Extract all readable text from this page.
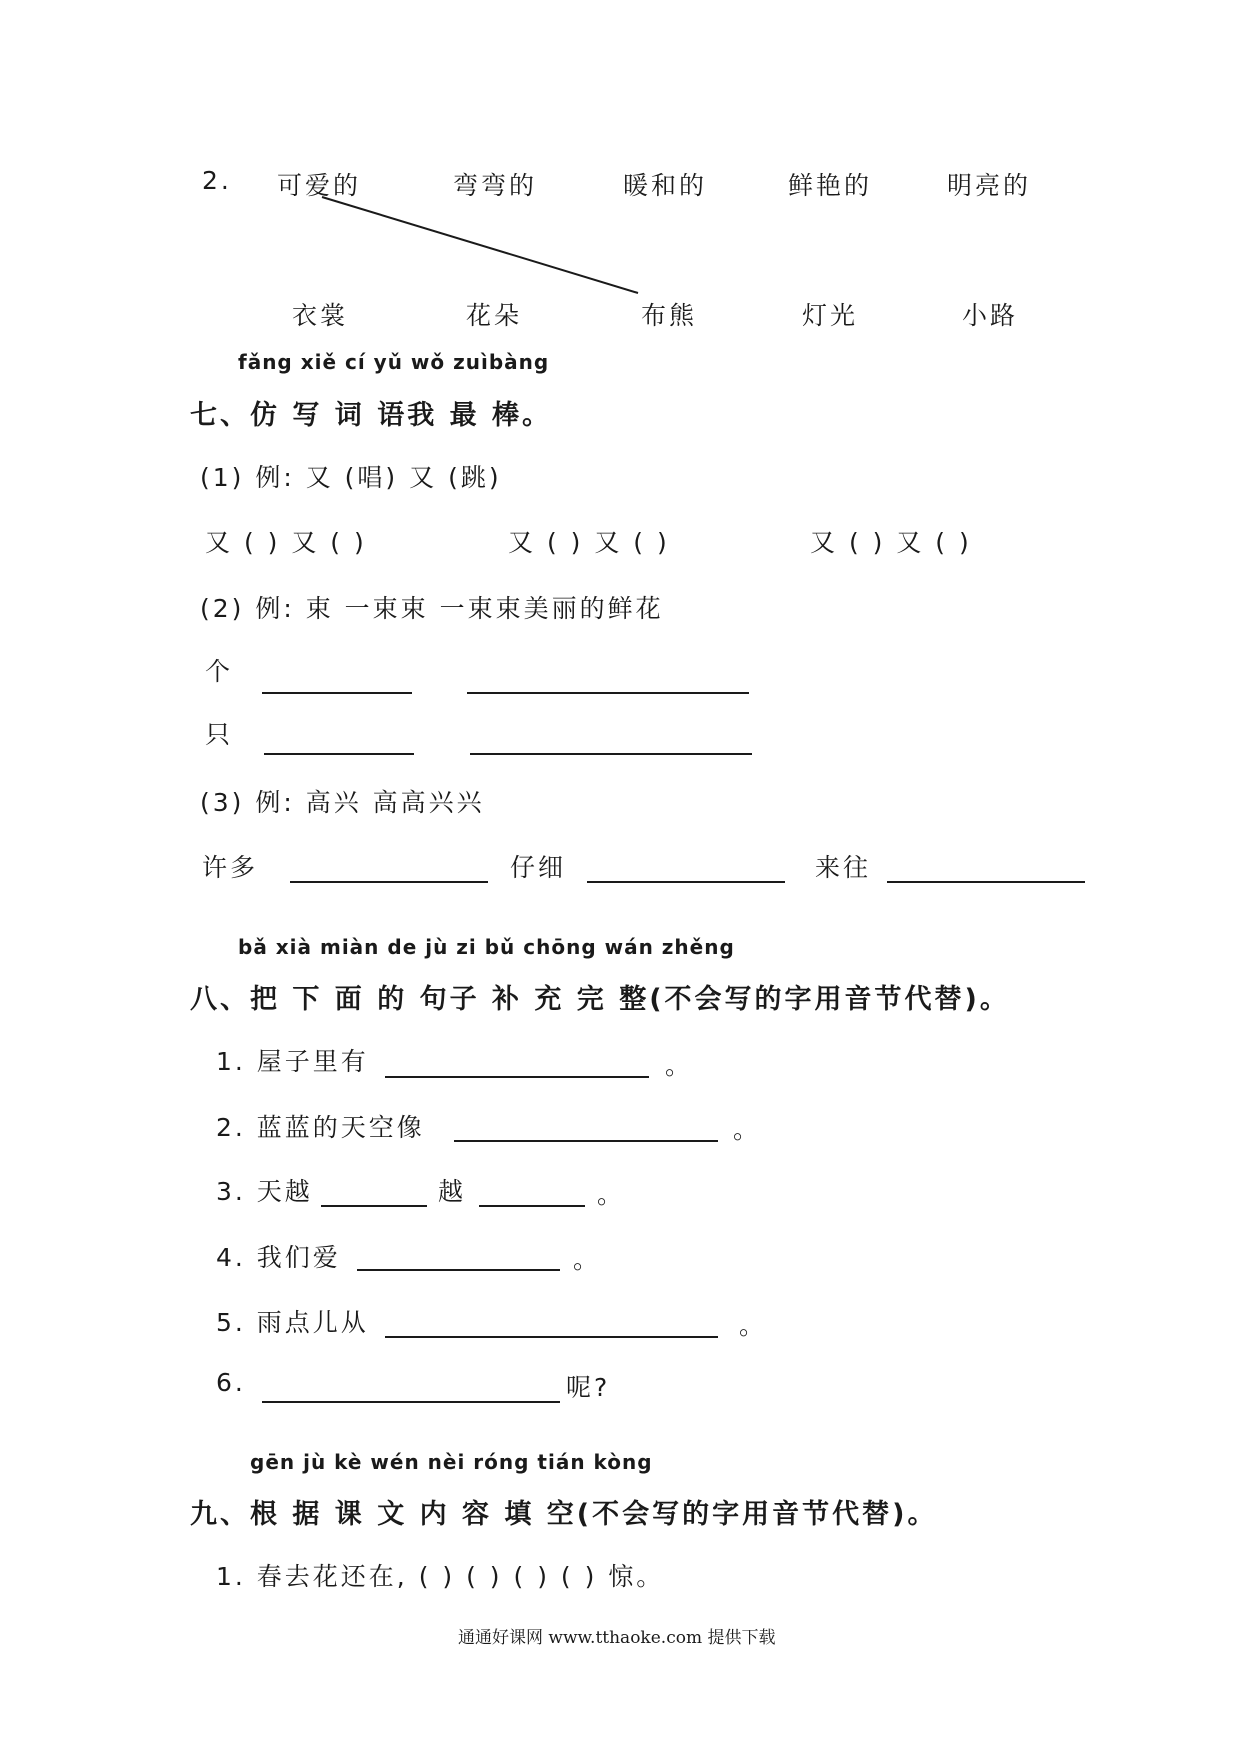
2. 可爱的	弯弯的	暖和的	鲜艳的	明亮的
衣裳	花朵	布熊	灯光	小路
fǎng xiě cí yǔ wǒ zuìbàng
七、仿 写 词 语我 最 棒。
(1) 例: 又 (唱) 又 (跳)
又 ( ) 又 ( )	又 ( ) 又 ( )	又 ( ) 又 ( )
(2) 例: 束 一束束 一束束美丽的鲜花
个
只
(3) 例: 高兴 高高兴兴
许多	仔细	来往
bǎ xià miàn de jù zi bǔ chōng wán zhěng
八、把 下 面 的 句子 补 充 完 整(不会写的字用音节代替)。
1. 屋子里有	。
2. 蓝蓝的天空像	。
3. 天越	越	。
4. 我们爱	。
5. 雨点儿从	。
6.	呢?
gēn jù kè wén nèi róng tián kòng
九、根 据 课 文 内 容 填 空(不会写的字用音节代替)。
1. 春去花还在, ( ) ( ) ( ) ( ) 惊。
通通好课网 www.tthaoke.com 提供下载
